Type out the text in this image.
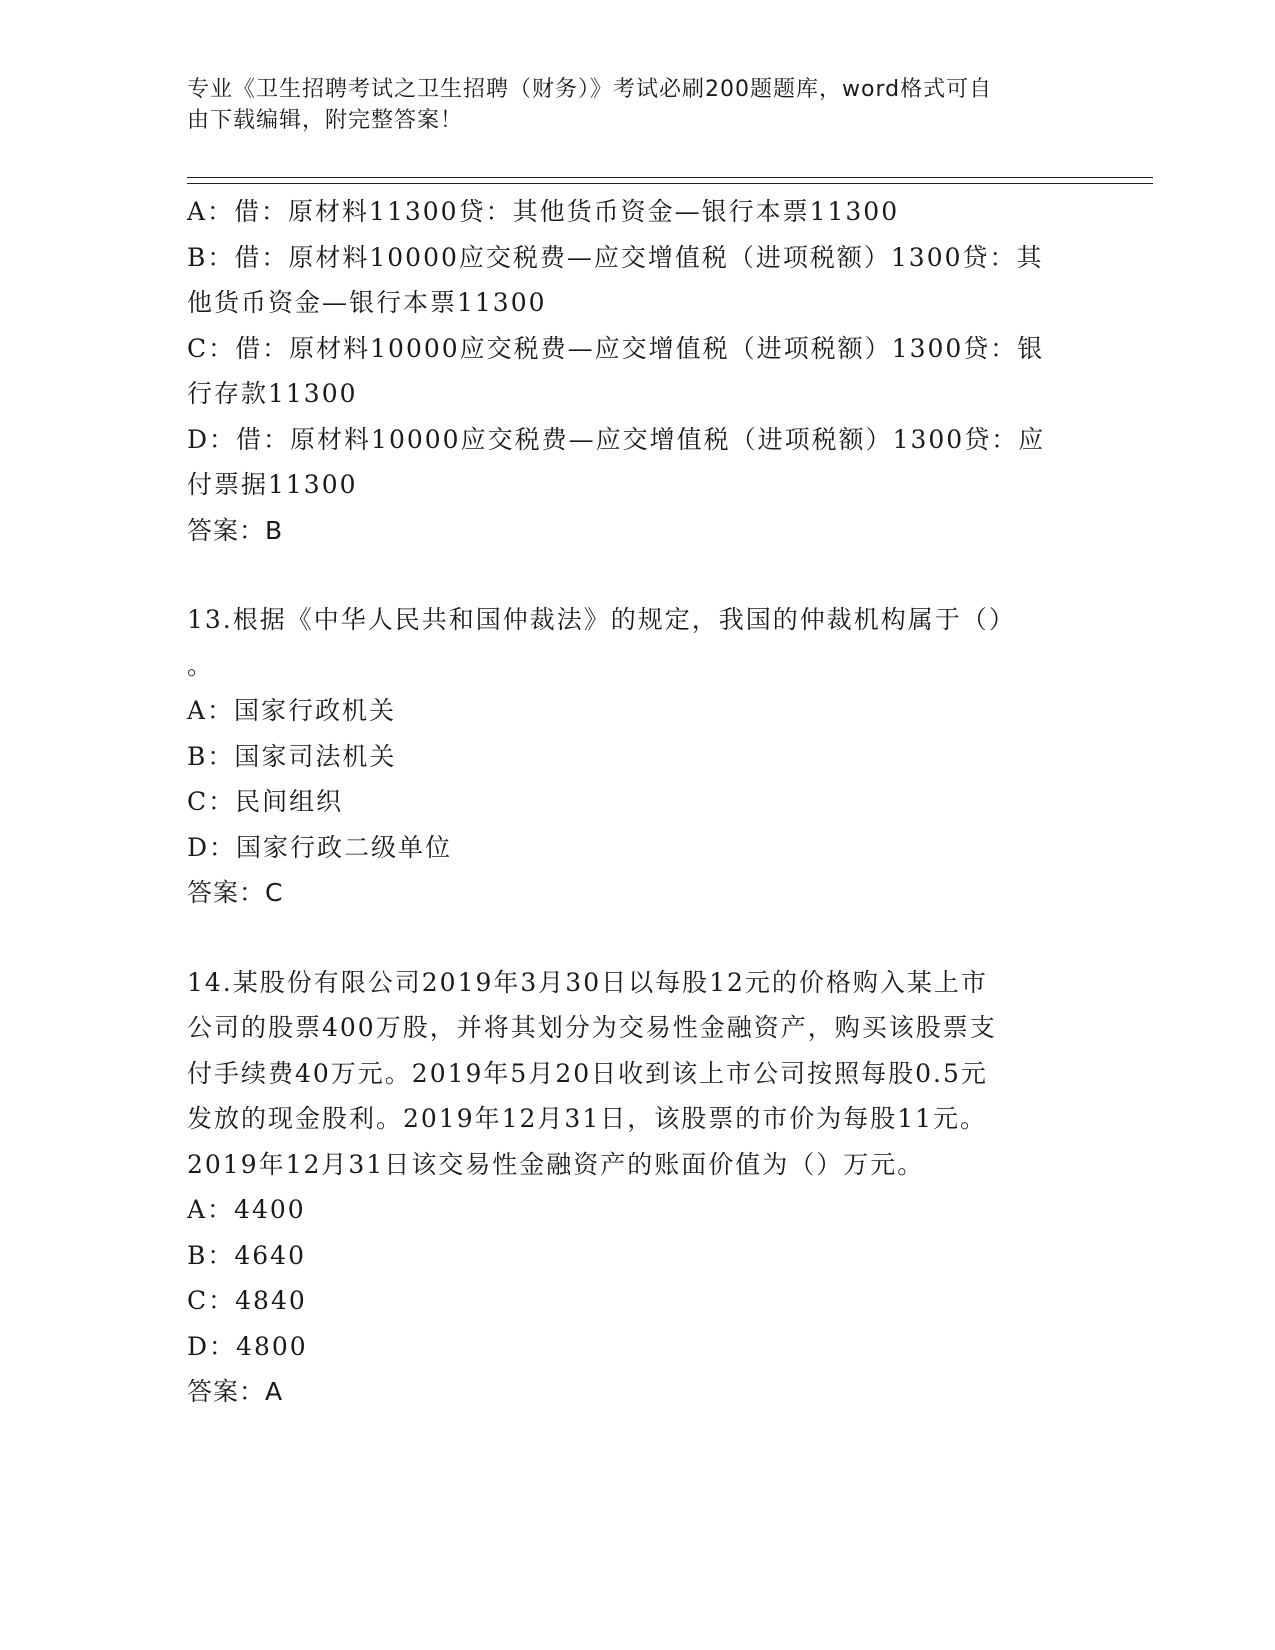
专业《卫生招聘考试之卫生招聘（财务）》考试必刷200题题库，word格式可自
由下载编辑，附完整答案！
A：借：原材料11300贷：其他货币资金—银行本票11300
B：借：原材料10000应交税费—应交增值税（进项税额）1300贷：其
他货币资金—银行本票11300
C：借：原材料10000应交税费—应交增值税（进项税额）1300贷：银
行存款11300
D：借：原材料10000应交税费—应交增值税（进项税额）1300贷：应
付票据11300
答案：B
13.根据《中华人民共和国仲裁法》的规定，我国的仲裁机构属于（）
。
A：国家行政机关
B：国家司法机关
C：民间组织
D：国家行政二级单位
答案：C
14.某股份有限公司2019年3月30日以每股12元的价格购入某上市
公司的股票400万股，并将其划分为交易性金融资产，购买该股票支
付手续费40万元。2019年5月20日收到该上市公司按照每股0.5元
发放的现金股利。2019年12月31日，该股票的市价为每股11元。
2019年12月31日该交易性金融资产的账面价值为（）万元。
A：4400
B：4640
C：4840
D：4800
答案：A
